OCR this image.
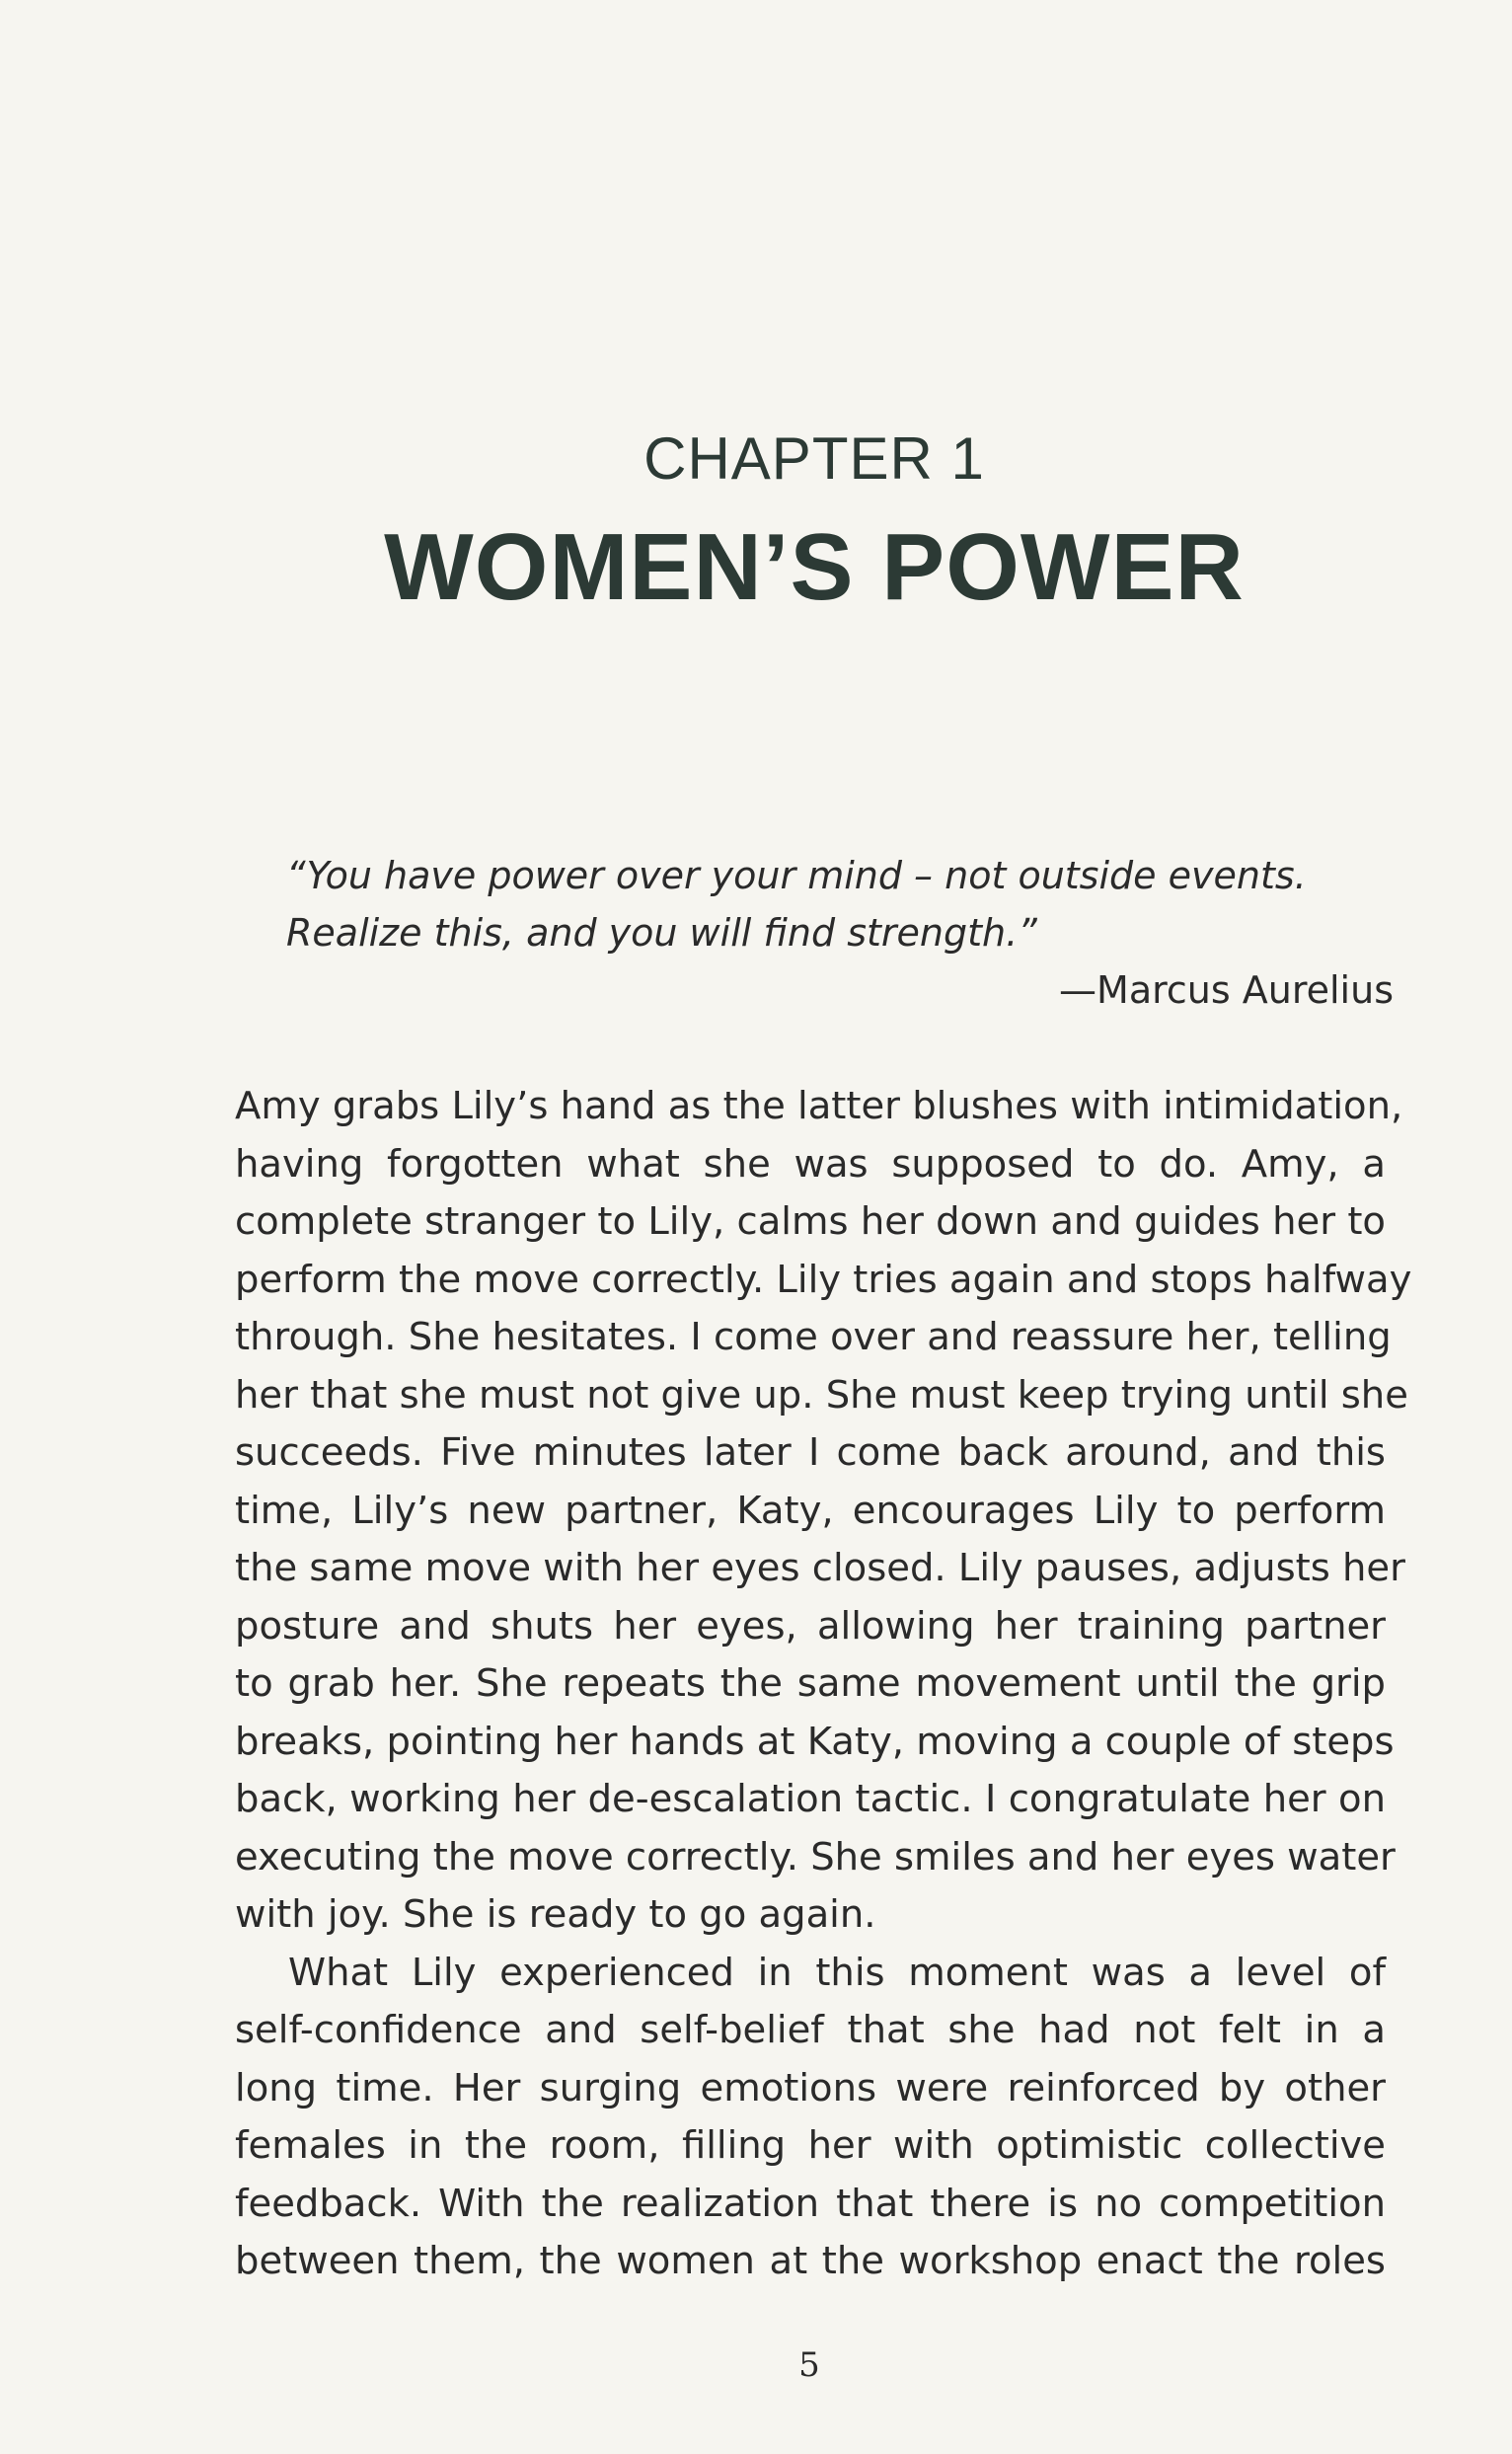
CHAPTER 1
WOMEN’S POWER
“You have power over your mind – not outside events.
Realize this, and you will find strength.”
—Marcus Aurelius
Amy grabs Lily’s hand as the latter blushes with intimidation,
having forgotten what she was supposed to do. Amy, a
complete stranger to Lily, calms her down and guides her to
perform the move correctly. Lily tries again and stops halfway
through. She hesitates. I come over and reassure her, telling
her that she must not give up. She must keep trying until she
succeeds. Five minutes later I come back around, and this
time, Lily’s new partner, Katy, encourages Lily to perform
the same move with her eyes closed. Lily pauses, adjusts her
posture and shuts her eyes, allowing her training partner
to grab her. She repeats the same movement until the grip
breaks, pointing her hands at Katy, moving a couple of steps
back, working her de-escalation tactic. I congratulate her on
executing the move correctly. She smiles and her eyes water
with joy. She is ready to go again.
What Lily experienced in this moment was a level of
self-confidence and self-belief that she had not felt in a
long time. Her surging emotions were reinforced by other
females in the room, filling her with optimistic collective
feedback. With the realization that there is no competition
between them, the women at the workshop enact the roles
5
